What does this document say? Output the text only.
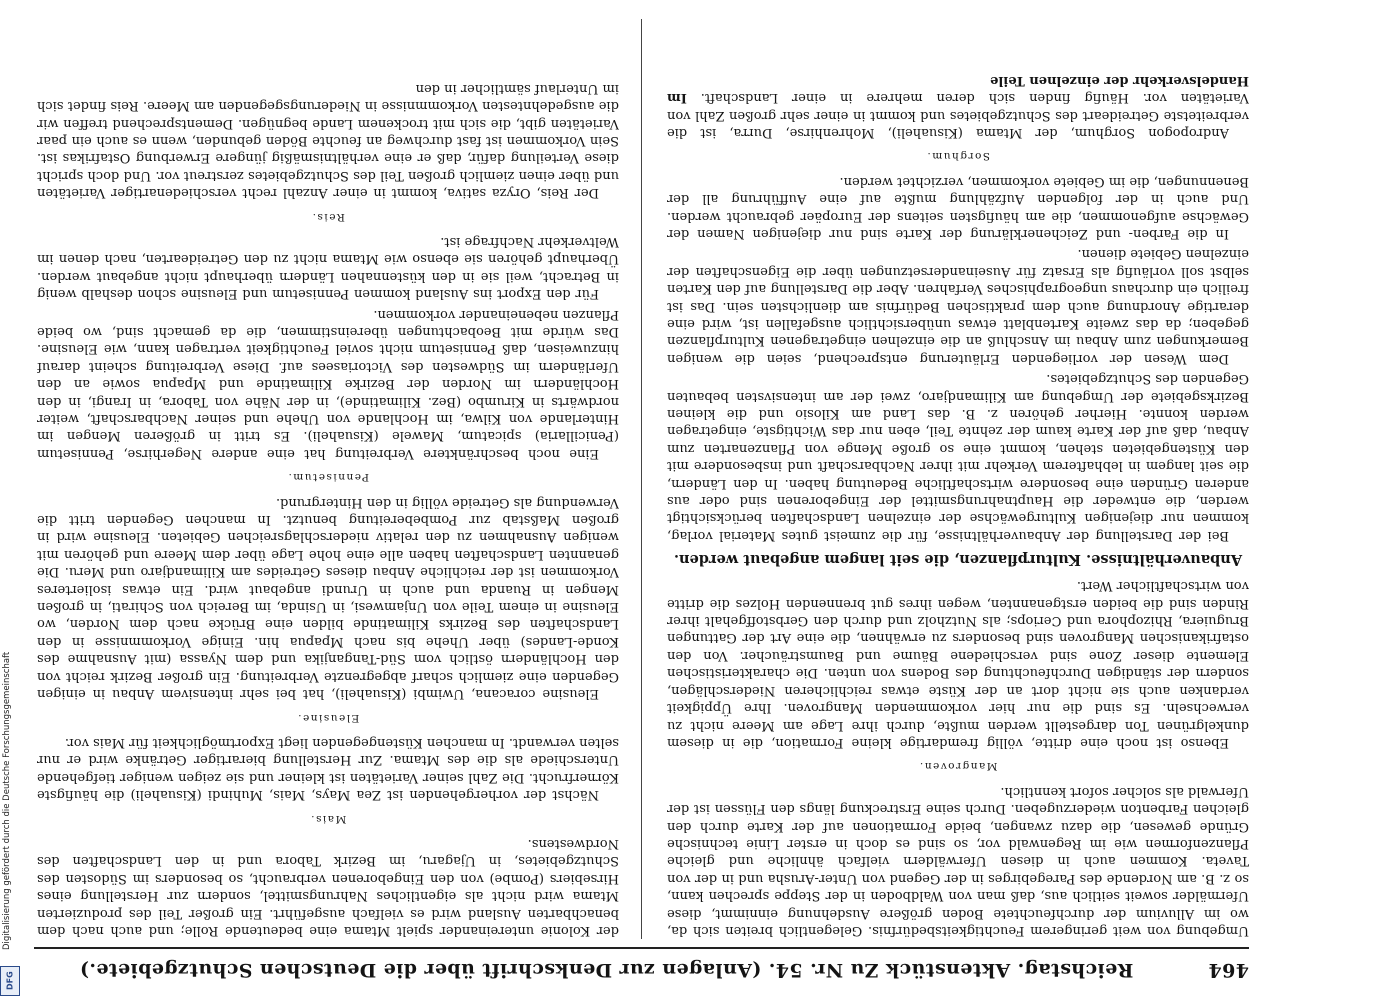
464
Reichstag. Aktenstück Zu Nr. 54. (Anlagen zur Denkschrift über die Deutschen Schutzgebiete.)

Umgebung von weit geringerem Feuchtigkeitsbedürfnis. Gelegentlich breiten sich da, wo im Alluvium der durchfeuchtete Boden größere Ausdehnung einnimmt, diese Ufermälder soweit seitlich aus, daß man von Waldboden in der Steppe sprechen kann, so z. B. am Nordende des Paregebirges in der Gegend von Unter-Arusha und in der von Taveta. Kommen auch in diesen Uferwäldern vielfach ähnliche und gleiche Pflanzenformen wie im Regenwald vor, so sind es doch in erster Linie technische Gründe gewesen, die dazu zwangen, beide Formationen auf der Karte durch den gleichen Farbenton wiederzugeben. Durch seine Erstreckung längs den Flüssen ist der Uferwald als solcher sofort kenntlich.

Mangroven.

Ebenso ist noch eine dritte, völlig fremdartige kleine Formation, die in diesem dunkelgrünen Ton dargestellt werden mußte, durch ihre Lage am Meere nicht zu verwechseln. Es sind die nur hier vorkommenden Mangroven. Ihre Üppigkeit verdanken auch sie nicht dort an der Küste etwas reichlicheren Niederschlägen, sondern der ständigen Durchfeuchtung des Bodens von unten. Die charakteristischen Elemente dieser Zone sind verschiedene Bäume und Baumsträucher. Von den ostafrikanischen Mangroven sind besonders zu erwähnen, die eine Art der Gattungen Bruguiera, Rhizophora und Ceriops; als Nutzholz und durch den Gerbstoffgehalt ihrer Rinden sind die beiden erstgenannten, wegen ihres gut brennenden Holzes die dritte von wirtschaftlicher Wert.

Anbauverhältnisse. Kulturpflanzen, die seit langem angebaut werden.

Bei der Darstellung der Anbauverhältnisse, für die zumeist gutes Material vorlag, kommen nur diejenigen Kulturgewächse der einzelnen Landschaften berücksichtigt werden, die entweder die Hauptnahrungsmittel der Eingeborenen sind oder aus anderen Gründen eine besondere wirtschaftliche Bedeutung haben. In den Ländern, die seit langem in lebhafterem Verkehr mit ihrer Nachbarschaft und insbesondere mit den Küstengebieten stehen, kommt eine so große Menge von Pflanzenarten zum Anbau, daß auf der Karte kaum der zehnte Teil, eben nur das Wichtigste, eingetragen werden konnte. Hierher gehören z. B. das Land am Kilosio und die kleinen Bezirksgebiete der Umgebung am Kilimandjaro, zwei der am intensivsten bebauten Gegenden des Schutzgebietes.

Dem Wesen der vorliegenden Erläuterung entsprechend, seien die wenigen Bemerkungen zum Anbau im Anschluß an die einzelnen eingetragenen Kulturpflanzen gegeben; da das zweite Kartenblatt etwas unübersichtlich ausgefallen ist, wird eine derartige Anordnung auch dem praktischen Bedürfnis am dienlichsten sein. Das ist freilich ein durchaus ungeographisches Verfahren. Aber die Darstellung auf den Karten selbst soll vorläufig als Ersatz für Auseinandersetzungen über die Eigenschaften der einzelnen Gebiete dienen.

In die Farben- und Zeichenerklärung der Karte sind nur diejenigen Namen der Gewächse aufgenommen, die am häufigsten seitens der Europäer gebraucht werden. Und auch in der folgenden Aufzählung mußte auf eine Aufführung all der Benennungen, die im Gebiete vorkommen, verzichtet werden.

Sorghum.

Andropogon Sorghum, der Mtama (Kisuaheli), Mohrenhirse, Durra, ist die verbreitetste Getreideart des Schutzgebietes und kommt in einer sehr großen Zahl von Varietäten vor. Häufig finden sich deren mehrere in einer Landschaft. Im Handelsverkehr der einzelnen Teile

der Kolonie untereinander spielt Mtama eine bedeutende Rolle; und auch nach dem benachbarten Ausland wird es vielfach ausgeführt. Ein großer Teil des produzierten Mtama wird nicht als eigentliches Nahrungsmittel, sondern zur Herstellung eines Hirsebiers (Pombe) von den Eingeborenen verbraucht, so besonders im Südosten des Schutzgebietes, in Ujagaru, im Bezirk Tabora und in den Landschaften des Nordwestens.

Mais.

Nächst der vorhergehenden ist Zea Mays, Mais, Muhindi (Kisuaheli) die häufigste Körnerfrucht. Die Zahl seiner Varietäten ist kleiner und sie zeigen weniger tiefgehende Unterschiede als die des Mtama. Zur Herstellung bierartiger Getränke wird er nur selten verwandt. In manchen Küstengegenden liegt Exportmöglichkeit für Mais vor.

Eleusine.

Eleusine coracana, Uwimbi (Kisuaheli), hat bei sehr intensivem Anbau in einigen Gegenden eine ziemlich scharf abgegrenzte Verbreitung. Ein großer Bezirk reicht von den Hochländern östlich vom Süd-Tanganjika und dem Nyassa (mit Ausnahme des Konde-Landes) über Uhehe bis nach Mpapua hin. Einige Vorkommnisse in den Landschaften des Bezirks Kilimatinde bilden eine Brücke nach dem Norden, wo Eleusine in einem Teile von Unjamwesi, in Usinda, im Bereich von Schirati, in großen Mengen in Ruanda und auch in Urundi angebaut wird. Ein etwas isolierteres Vorkommen ist der reichliche Anbau dieses Getreides am Kilimandjaro und Meru. Die genannten Landschaften haben alle eine hohe Lage über dem Meere und gehören mit wenigen Ausnahmen zu den relativ niederschlagsreichen Gebieten. Eleusine wird in großen Maßstab zur Pombebereitung benutzt. In manchen Gegenden tritt die Verwendung als Getreide völlig in den Hintergrund.

Pennisetum.

Eine noch beschränktere Verbreitung hat eine andere Negerhirse, Pennisetum (Penicillaria) spicatum, Mawele (Kisuaheli). Es tritt in größeren Mengen im Hinterlande von Kilwa, im Hochlande von Uhehe und seiner Nachbarschaft, weiter nordwärts in Kirumbo (Bez. Kilimatinde), in der Nähe von Tabora, in Irangi, in den Hochländern im Norden der Bezirke Kilimatinde und Mpapua sowie an den Uferländern im Südwesten des Victoriasees auf. Diese Verbreitung scheint darauf hinzuweisen, daß Pennisetum nicht soviel Feuchtigkeit vertragen kann, wie Eleusine. Das würde mit Beobachtungen übereinstimmen, die da gemacht sind, wo beide Pflanzen nebeneinander vorkommen.

Für den Export ins Ausland kommen Pennisetum und Eleusine schon deshalb wenig in Betracht, weil sie in den küstennahen Ländern überhaupt nicht angebaut werden. Überhaupt gehören sie ebenso wie Mtama nicht zu den Getreidearten, nach denen im Weltverkehr Nachfrage ist.

Reis.

Der Reis, Oryza sativa, kommt in einer Anzahl recht verschiedenartiger Varietäten und über einen ziemlich großen Teil des Schutzgebietes zerstreut vor. Und doch spricht diese Verteilung dafür, daß er eine verhältnismäßig jüngere Erwerbung Ostafrikas ist. Sein Vorkommen ist fast durchweg an feuchte Böden gebunden, wenn es auch ein paar Varietäten gibt, die sich mit trockenem Lande begnügen. Dementsprechend treffen wir die ausgedehntesten Vorkommnisse in Niederungsgegenden am Meere. Reis findet sich im Unterlauf sämtlicher in den

Digitalisierung gefördert durch die Deutsche Forschungsgemeinschaft
DFG
